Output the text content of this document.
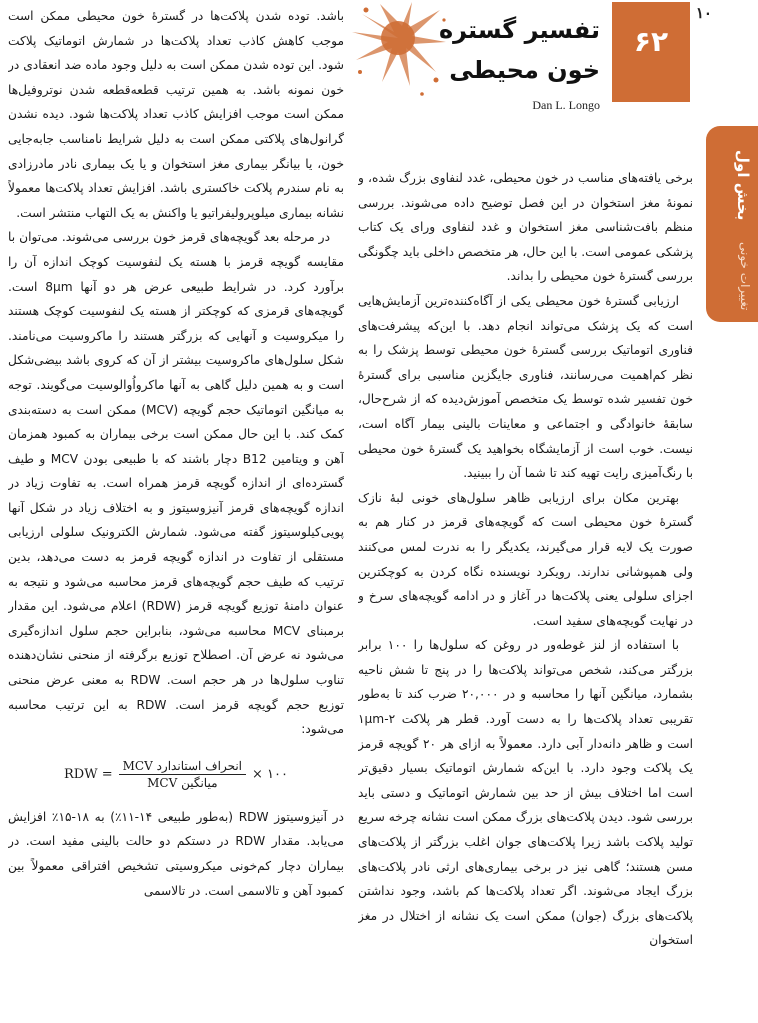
۱۰
بخش اول
تغییرات خونی
۶۲
تفسیر گستره
خون محیطی
Dan L. Longo

باشد. توده شدن پلاکت‌ها در گسترهٔ خون محیطی ممکن است موجب کاهش کاذب تعداد پلاکت‌ها در شمارش اتوماتیک پلاکت شود. این توده شدن ممکن است به دلیل وجود ماده ضد انعقادی در خون نمونه باشد. به همین ترتیب قطعه‌قطعه شدن نوتروفیل‌ها ممکن است موجب افزایش کاذب تعداد پلاکت‌ها شود. دیده نشدن گرانول‌های پلاکتی ممکن است به دلیل شرایط نامناسب جابه‌جایی خون، یا بیانگر بیماری مغز استخوان و یا یک بیماری نادر مادرزادی به نام سندرم پلاکت خاکستری باشد. افزایش تعداد پلاکت‌ها معمولاً نشانه بیماری میلوپرولیفراتیو یا واکنش به یک التهاب منتشر است.

در مرحله بعد گویچه‌های قرمز خون بررسی می‌شوند. می‌توان با مقایسه گویچه قرمز با هسته یک لنفوسیت کوچک اندازه آن را برآورد کرد. در شرایط طبیعی عرض هر دو آنها 8μm است. گویچه‌های قرمزی که کوچکتر از هسته یک لنفوسیت کوچک هستند را میکروسیت و آنهایی که بزرگتر هستند را ماکروسیت می‌نامند. شکل سلول‌های ماکروسیت بیشتر از آن که کروی باشد بیضی‌شکل است و به همین دلیل گاهی به آنها ماکرواُوالوسیت می‌گویند. توجه به میانگین اتوماتیک حجم گویچه (MCV) ممکن است به دسته‌بندی کمک کند. با این حال ممکن است برخی بیماران به کمبود همزمان آهن و ویتامین B12 دچار باشند که با طبیعی بودن MCV و طیف گسترده‌ای از اندازه گویچه قرمز همراه است. به تفاوت زیاد در اندازه گویچه‌های قرمز آنیزوسیتوز و به اختلاف زیاد در شکل آنها پویی‌کیلوسیتوز گفته می‌شود. شمارش الکترونیک سلولی ارزیابی مستقلی از تفاوت در اندازه گویچه قرمز به دست می‌دهد، بدین ترتیب که طیف حجم گویچه‌های قرمز محاسبه می‌شود و نتیجه به عنوان دامنهٔ توزیع گویچه قرمز (RDW) اعلام می‌شود. این مقدار برمبنای MCV محاسبه می‌شود، بنابراین حجم سلول اندازه‌گیری می‌شود نه عرض آن. اصطلاح توزیع برگرفته از منحنی نشان‌دهنده تناوب سلول‌ها در هر حجم است. RDW به معنی عرض منحنی توزیع حجم گویچه قرمز است. RDW به این ترتیب محاسبه می‌شود:

RDW = $\frac{\text{انحراف استاندارد MCV}}{\text{میانگین MCV}}$ × ۱۰۰

در آنیزوسیتوز RDW (به‌طور طبیعی ۱۴-۱۱٪) به ۱۸-۱۵٪ افزایش می‌یابد. مقدار RDW در دستکم دو حالت بالینی مفید است. در بیماران دچار کم‌خونی میکروسیتی تشخیص افتراقی معمولاً بین کمبود آهن و تالاسمی است. در تالاسمی

برخی یافته‌های مناسب در خون محیطی، غدد لنفاوی بزرگ شده، و نمونهٔ مغز استخوان در این فصل توضیح داده می‌شوند. بررسی منظم بافت‌شناسی مغز استخوان و غدد لنفاوی ورای یک کتاب پزشکی عمومی است. با این حال، هر متخصص داخلی باید چگونگی بررسی گسترهٔ خون محیطی را بداند.

ارزیابی گسترهٔ خون محیطی یکی از آگاه‌کننده‌ترین آزمایش‌هایی است که یک پزشک می‌تواند انجام دهد. با این‌که پیشرفت‌های فناوری اتوماتیک بررسی گسترهٔ خون محیطی توسط پزشک را به نظر کم‌اهمیت می‌رسانند، فناوری جایگزین مناسبی برای گسترهٔ خون تفسیر شده توسط یک متخصص آموزش‌دیده که از شرح‌حال، سابقهٔ خانوادگی و اجتماعی و معاینات بالینی بیمار آگاه است، نیست. خوب است از آزمایشگاه بخواهید یک گسترهٔ خون محیطی با رنگ‌آمیزی رایت تهیه کند تا شما آن را ببینید.

بهترین مکان برای ارزیابی ظاهر سلول‌های خونی لبهٔ نازک گسترهٔ خون محیطی است که گویچه‌های قرمز در کنار هم به صورت یک لایه قرار می‌گیرند، یکدیگر را به ندرت لمس می‌کنند ولی همپوشانی ندارند. رویکرد نویسنده نگاه کردن به کوچکترین اجزای سلولی یعنی پلاکت‌ها در آغاز و در ادامه گویچه‌های سرخ و در نهایت گویچه‌های سفید است.

با استفاده از لنز غوطه‌ور در روغن که سلول‌ها را ۱۰۰ برابر بزرگتر می‌کند، شخص می‌تواند پلاکت‌ها را در پنج تا شش ناحیه بشمارد، میانگین آنها را محاسبه و در ۲۰,۰۰۰ ضرب کند تا به‌طور تقریبی تعداد پلاکت‌ها را به دست آورد. قطر هر پلاکت ۲-۱μm است و ظاهر دانه‌دار آبی دارد. معمولاً به ازای هر ۲۰ گویچه قرمز یک پلاکت وجود دارد. با این‌که شمارش اتوماتیک بسیار دقیق‌تر است اما اختلاف بیش از حد بین شمارش اتوماتیک و دستی باید بررسی شود. دیدن پلاکت‌های بزرگ ممکن است نشانه چرخه سریع تولید پلاکت باشد زیرا پلاکت‌های جوان اغلب بزرگتر از پلاکت‌های مسن هستند؛ گاهی نیز در برخی بیماری‌های ارثی نادر پلاکت‌های بزرگ ایجاد می‌شوند. اگر تعداد پلاکت‌ها کم باشد، وجود نداشتن پلاکت‌های بزرگ (جوان) ممکن است یک نشانه از اختلال در مغز استخوان
